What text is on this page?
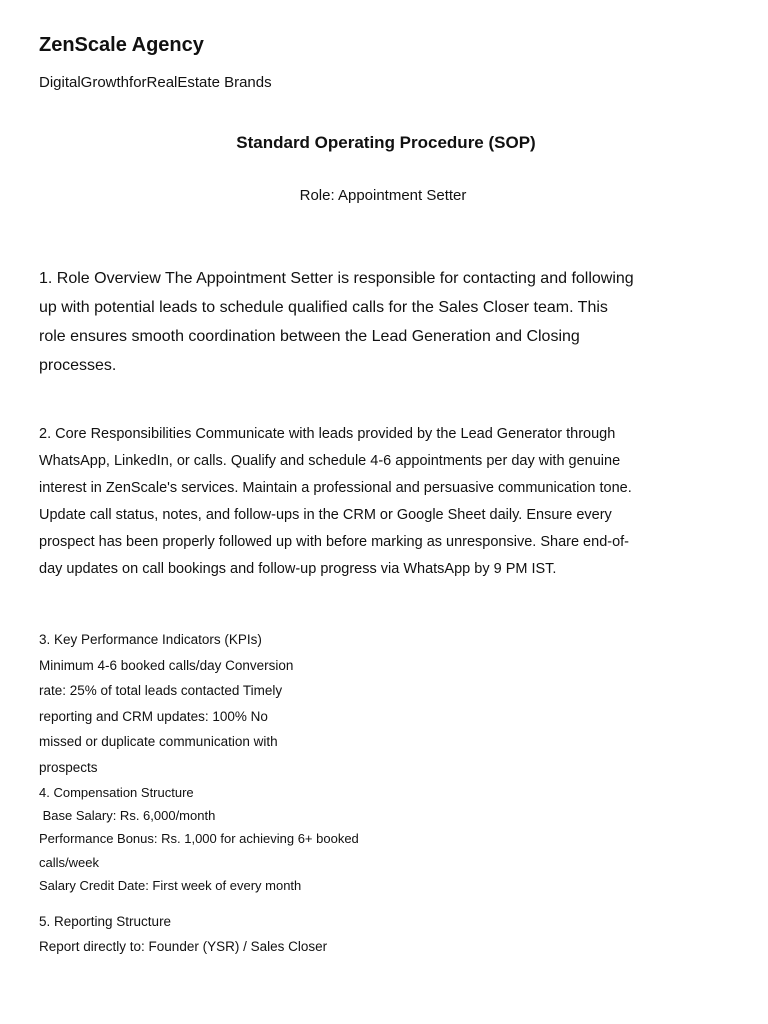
ZenScale Agency

DigitalGrowthforRealEstate Brands

Standard Operating Procedure (SOP)

Role: Appointment Setter

1. Role Overview The Appointment Setter is responsible for contacting and following up with potential leads to schedule qualified calls for the Sales Closer team. This role ensures smooth coordination between the Lead Generation and Closing processes.

2. Core Responsibilities Communicate with leads provided by the Lead Generator through WhatsApp, LinkedIn, or calls. Qualify and schedule 4-6 appointments per day with genuine interest in ZenScale's services. Maintain a professional and persuasive communication tone. Update call status, notes, and follow-ups in the CRM or Google Sheet daily. Ensure every prospect has been properly followed up with before marking as unresponsive. Share end-of-day updates on call bookings and follow-up progress via WhatsApp by 9 PM IST.

3. Key Performance Indicators (KPIs)
Minimum 4-6 booked calls/day Conversion rate: 25% of total leads contacted Timely reporting and CRM updates: 100% No missed or duplicate communication with prospects
4. Compensation Structure
Base Salary: Rs. 6,000/month
Performance Bonus: Rs. 1,000 for achieving 6+ booked calls/week
Salary Credit Date: First week of every month
5. Reporting Structure
Report directly to: Founder (YSR) / Sales Closer
